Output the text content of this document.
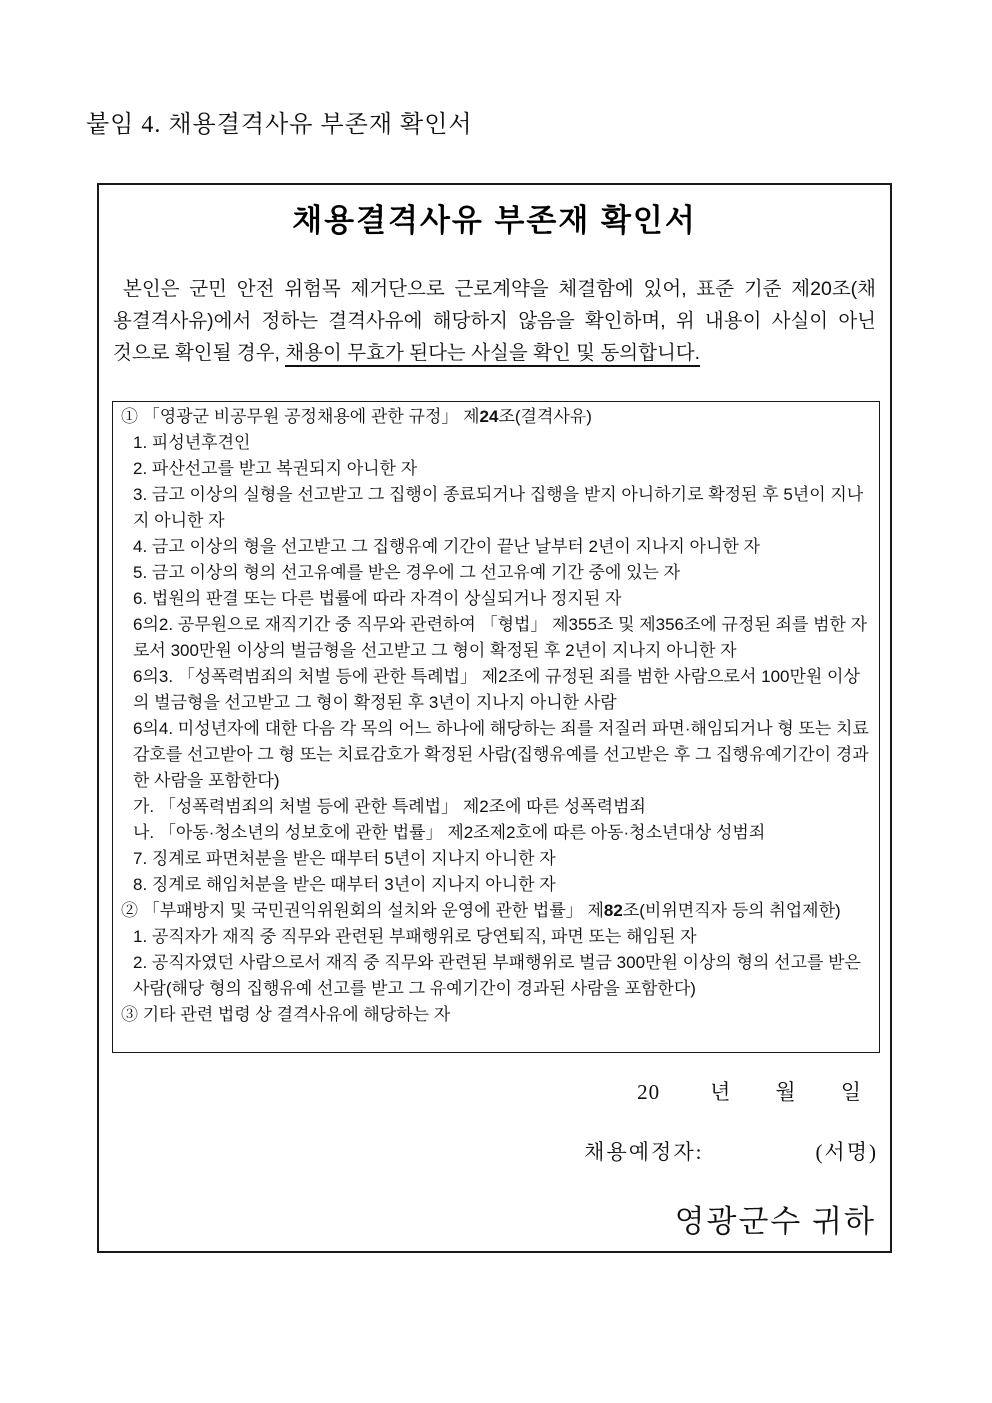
붙임 4. 채용결격사유 부존재 확인서
채용결격사유 부존재 확인서
본인은 군민 안전 위험목 제거단으로 근로계약을 체결함에 있어, 표준 기준 제20조(채
용결격사유)에서 정하는 결격사유에 해당하지 않음을 확인하며, 위 내용이 사실이 아닌
것으로 확인될 경우, 채용이 무효가 된다는 사실을 확인 및 동의합니다.
① 「영광군 비공무원 공정채용에 관한 규정」 제24조(결격사유)
1. 피성년후견인
2. 파산선고를 받고 복권되지 아니한 자
3. 금고 이상의 실형을 선고받고 그 집행이 종료되거나 집행을 받지 아니하기로 확정된 후 5년이 지나지 아니한 자
4. 금고 이상의 형을 선고받고 그 집행유예 기간이 끝난 날부터 2년이 지나지 아니한 자
5. 금고 이상의 형의 선고유예를 받은 경우에 그 선고유예 기간 중에 있는 자
6. 법원의 판결 또는 다른 법률에 따라 자격이 상실되거나 정지된 자
6의2. 공무원으로 재직기간 중 직무와 관련하여 「형법」 제355조 및 제356조에 규정된 죄를 범한 자로서 300만원 이상의 벌금형을 선고받고 그 형이 확정된 후 2년이 지나지 아니한 자
6의3. 「성폭력범죄의 처벌 등에 관한 특례법」 제2조에 규정된 죄를 범한 사람으로서 100만원 이상의 벌금형을 선고받고 그 형이 확정된 후 3년이 지나지 아니한 사람
6의4. 미성년자에 대한 다음 각 목의 어느 하나에 해당하는 죄를 저질러 파면·해임되거나 형 또는 치료감호를 선고받아 그 형 또는 치료감호가 확정된 사람(집행유예를 선고받은 후 그 집행유예기간이 경과한 사람을 포함한다)
가. 「성폭력범죄의 처벌 등에 관한 특례법」 제2조에 따른 성폭력범죄
나. 「아동·청소년의 성보호에 관한 법률」 제2조제2호에 따른 아동·청소년대상 성범죄
7. 징계로 파면처분을 받은 때부터 5년이 지나지 아니한 자
8. 징계로 해임처분을 받은 때부터 3년이 지나지 아니한 자
② 「부패방지 및 국민권익위원회의 설치와 운영에 관한 법률」 제82조(비위면직자 등의 취업제한)
1. 공직자가 재직 중 직무와 관련된 부패행위로 당연퇴직, 파면 또는 해임된 자
2. 공직자였던 사람으로서 재직 중 직무와 관련된 부패행위로 벌금 300만원 이상의 형의 선고를 받은 사람(해당 형의 집행유예 선고를 받고 그 유예기간이 경과된 사람을 포함한다)
③ 기타 관련 법령 상 결격사유에 해당하는 자
20 년 월 일
채용예정자:	(서명)
영광군수 귀하
